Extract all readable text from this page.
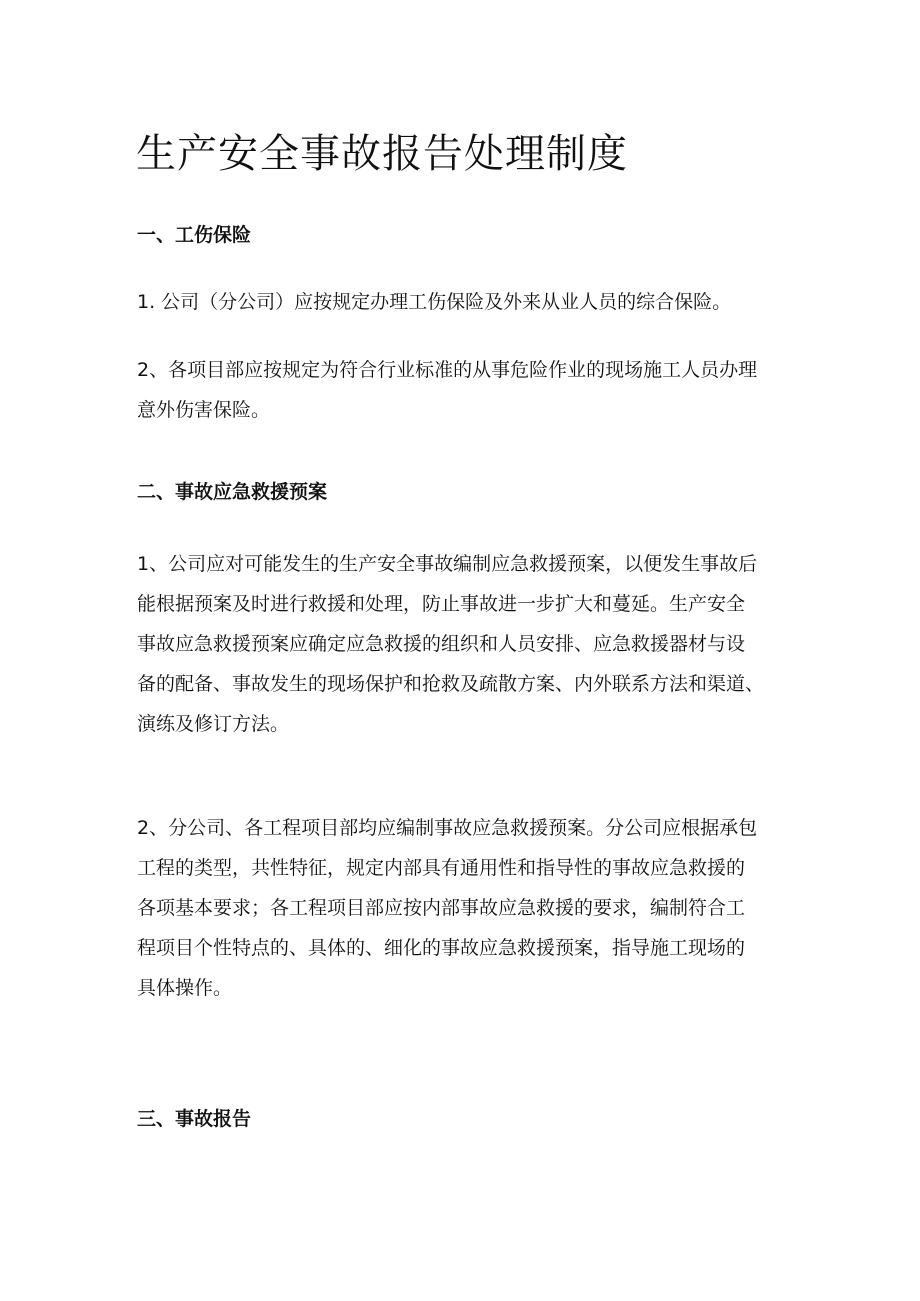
生产安全事故报告处理制度
一、工伤保险

1. 公司（分公司）应按规定办理工伤保险及外来从业人员的综合保险。

2、各项目部应按规定为符合行业标准的从事危险作业的现场施工人员办理
意外伤害保险。

二、事故应急救援预案

1、公司应对可能发生的生产安全事故编制应急救援预案，以便发生事故后
能根据预案及时进行救援和处理，防止事故进一步扩大和蔓延。生产安全
事故应急救援预案应确定应急救援的组织和人员安排、应急救援器材与设
备的配备、事故发生的现场保护和抢救及疏散方案、内外联系方法和渠道、
演练及修订方法。

2、分公司、各工程项目部均应编制事故应急救援预案。分公司应根据承包
工程的类型，共性特征，规定内部具有通用性和指导性的事故应急救援的
各项基本要求；各工程项目部应按内部事故应急救援的要求，编制符合工
程项目个性特点的、具体的、细化的事故应急救援预案，指导施工现场的
具体操作。

三、事故报告
